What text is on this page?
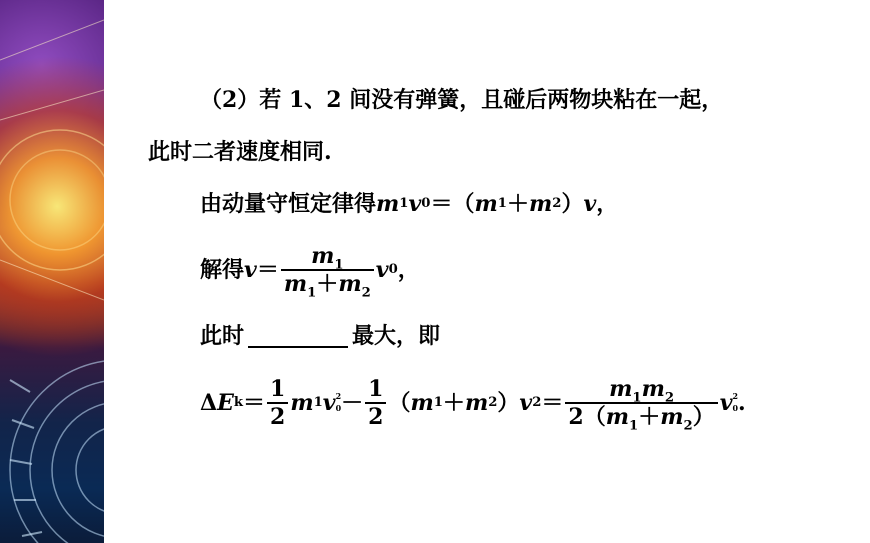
（2）若 1、2 间没有弹簧，且碰后两物块粘在一起，
此时二者速度相同.
由动量守恒定律得 m 1 v 0 ＝ （ m 1 ＋ m 2 ） v ，
解得 $v = \frac{m_1}{m_1+m_2}$ v 0 ，
此时	最大，即
Δ E $k = \frac{1}{2}$ m 1 v 2
$0 - \frac{1}{2}$ （ m 1 ＋ m 2 ） v $2 = \frac{m_1m_2}{2(m_1+m_2)}$ v 2
0 .
